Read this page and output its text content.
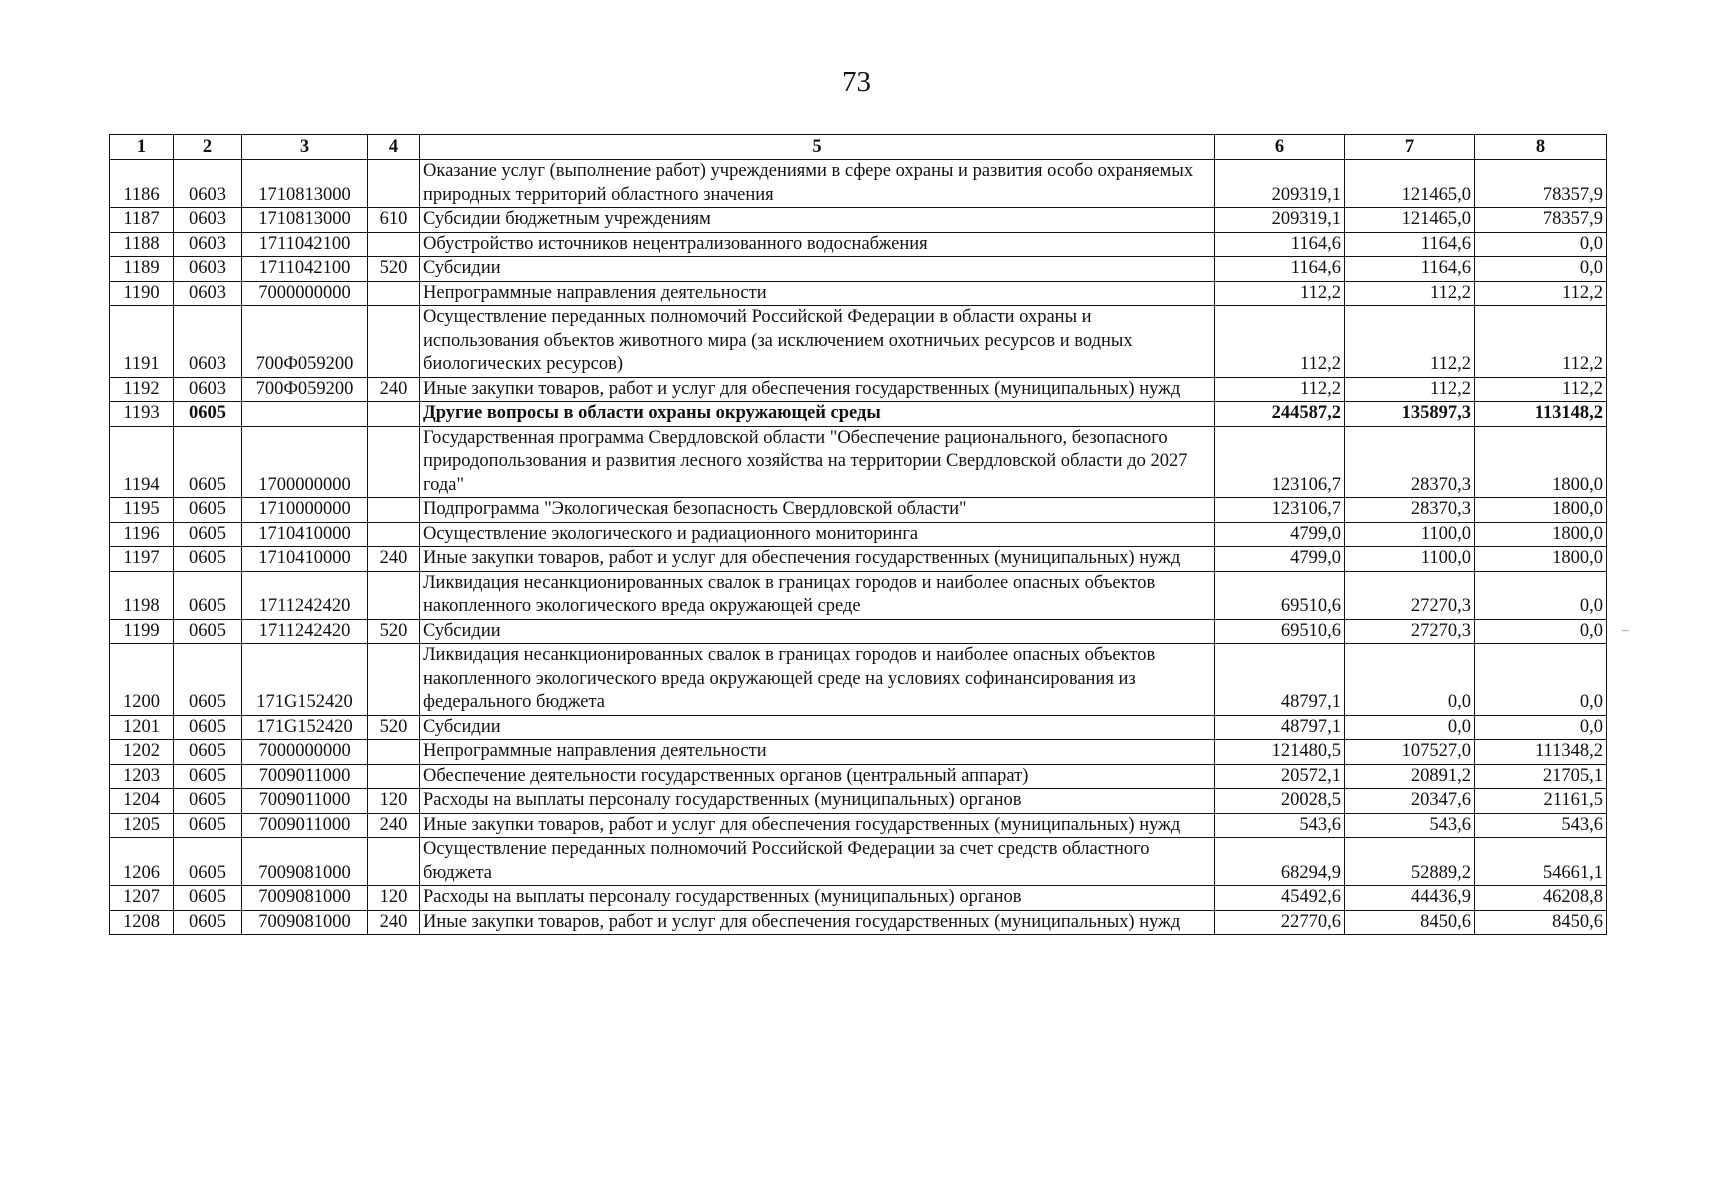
73
1	2	3	4	5	6	7	8
1186	0603	1710813000		Оказание услуг (выполнение работ) учреждениями в сфере охраны и развития особо охраняемых природных территорий областного значения	209319,1	121465,0	78357,9
1187	0603	1710813000	610	Субсидии бюджетным учреждениям	209319,1	121465,0	78357,9
1188	0603	1711042100		Обустройство источников нецентрализованного водоснабжения	1164,6	1164,6	0,0
1189	0603	1711042100	520	Субсидии	1164,6	1164,6	0,0
1190	0603	7000000000		Непрограммные направления деятельности	112,2	112,2	112,2
1191	0603	700Ф059200		Осуществление переданных полномочий Российской Федерации в области охраны и использования объектов животного мира (за исключением охотничьих ресурсов и водных биологических ресурсов)	112,2	112,2	112,2
1192	0603	700Ф059200	240	Иные закупки товаров, работ и услуг для обеспечения государственных (муниципальных) нужд	112,2	112,2	112,2
1193	0605			Другие вопросы в области охраны окружающей среды	244587,2	135897,3	113148,2
1194	0605	1700000000		Государственная программа Свердловской области "Обеспечение рационального, безопасного природопользования и развития лесного хозяйства на территории Свердловской области до 2027 года"	123106,7	28370,3	1800,0
1195	0605	1710000000		Подпрограмма "Экологическая безопасность Свердловской области"	123106,7	28370,3	1800,0
1196	0605	1710410000		Осуществление экологического и радиационного мониторинга	4799,0	1100,0	1800,0
1197	0605	1710410000	240	Иные закупки товаров, работ и услуг для обеспечения государственных (муниципальных) нужд	4799,0	1100,0	1800,0
1198	0605	1711242420		Ликвидация несанкционированных свалок в границах городов и наиболее опасных объектов накопленного экологического вреда окружающей среде	69510,6	27270,3	0,0
1199	0605	1711242420	520	Субсидии	69510,6	27270,3	0,0
1200	0605	171G152420		Ликвидация несанкционированных свалок в границах городов и наиболее опасных объектов накопленного экологического вреда окружающей среде на условиях софинансирования из федерального бюджета	48797,1	0,0	0,0
1201	0605	171G152420	520	Субсидии	48797,1	0,0	0,0
1202	0605	7000000000		Непрограммные направления деятельности	121480,5	107527,0	111348,2
1203	0605	7009011000		Обеспечение деятельности государственных органов (центральный аппарат)	20572,1	20891,2	21705,1
1204	0605	7009011000	120	Расходы на выплаты персоналу государственных (муниципальных) органов	20028,5	20347,6	21161,5
1205	0605	7009011000	240	Иные закупки товаров, работ и услуг для обеспечения государственных (муниципальных) нужд	543,6	543,6	543,6
1206	0605	7009081000		Осуществление переданных полномочий Российской Федерации за счет средств областного бюджета	68294,9	52889,2	54661,1
1207	0605	7009081000	120	Расходы на выплаты персоналу государственных (муниципальных) органов	45492,6	44436,9	46208,8
1208	0605	7009081000	240	Иные закупки товаров, работ и услуг для обеспечения государственных (муниципальных) нужд	22770,6	8450,6	8450,6
–
